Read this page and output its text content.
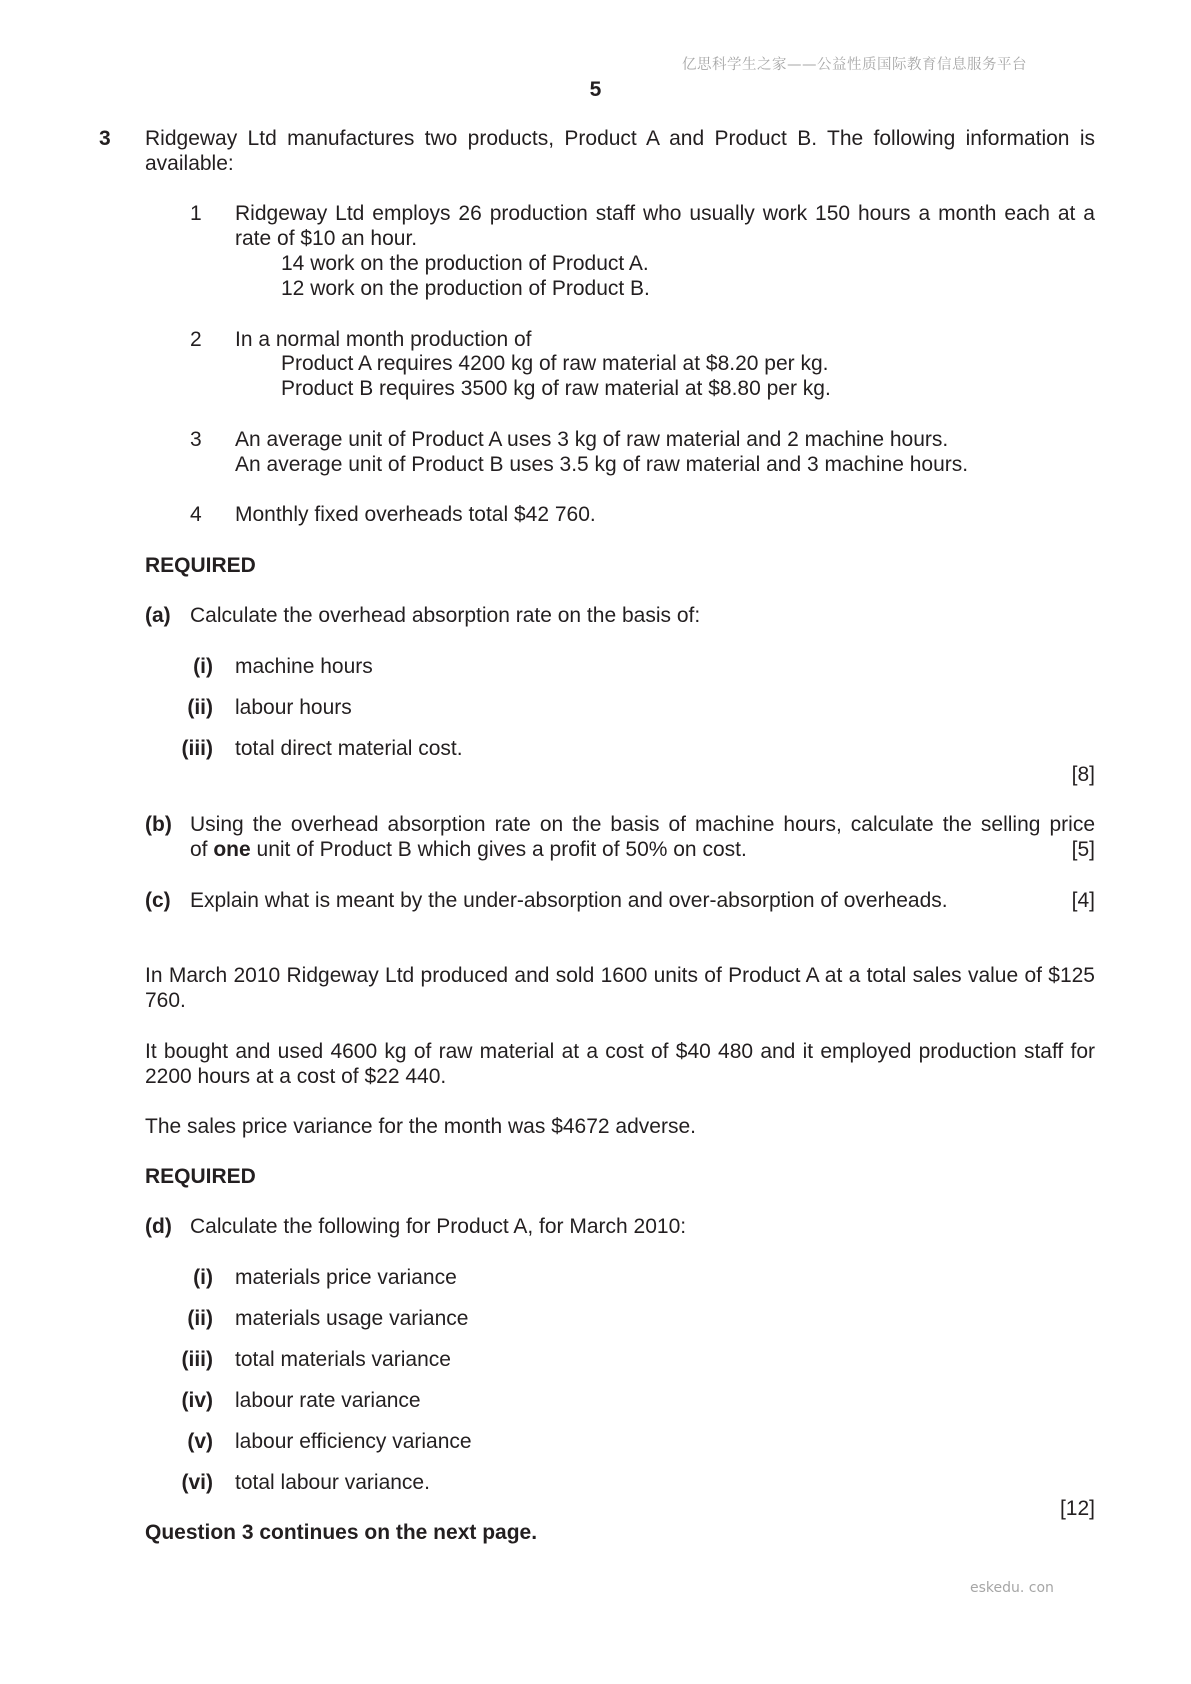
亿思科学生之家——公益性质国际教育信息服务平台
5
3 Ridgeway Ltd manufactures two products, Product A and Product B. The following information is available:
1 Ridgeway Ltd employs 26 production staff who usually work 150 hours a month each at a rate of $10 an hour.
14 work on the production of Product A.
12 work on the production of Product B.
2 In a normal month production of
Product A requires 4200 kg of raw material at $8.20 per kg.
Product B requires 3500 kg of raw material at $8.80 per kg.
3 An average unit of Product A uses 3 kg of raw material and 2 machine hours.
An average unit of Product B uses 3.5 kg of raw material and 3 machine hours.
4 Monthly fixed overheads total $42 760.
REQUIRED
(a) Calculate the overhead absorption rate on the basis of:
(i) machine hours
(ii) labour hours
(iii) total direct material cost.
[8]
(b) Using the overhead absorption rate on the basis of machine hours, calculate the selling price
of one unit of Product B which gives a profit of 50% on cost.	[5]
(c) Explain what is meant by the under-absorption and over-absorption of overheads.	[4]
In March 2010 Ridgeway Ltd produced and sold 1600 units of Product A at a total sales value of $125 760.
It bought and used 4600 kg of raw material at a cost of $40 480 and it employed production staff for 2200 hours at a cost of $22 440.
The sales price variance for the month was $4672 adverse.
REQUIRED
(d) Calculate the following for Product A, for March 2010:
(i) materials price variance
(ii) materials usage variance
(iii) total materials variance
(iv) labour rate variance
(v) labour efficiency variance
(vi) total labour variance.
[12]
Question 3 continues on the next page.
eskedu. con
